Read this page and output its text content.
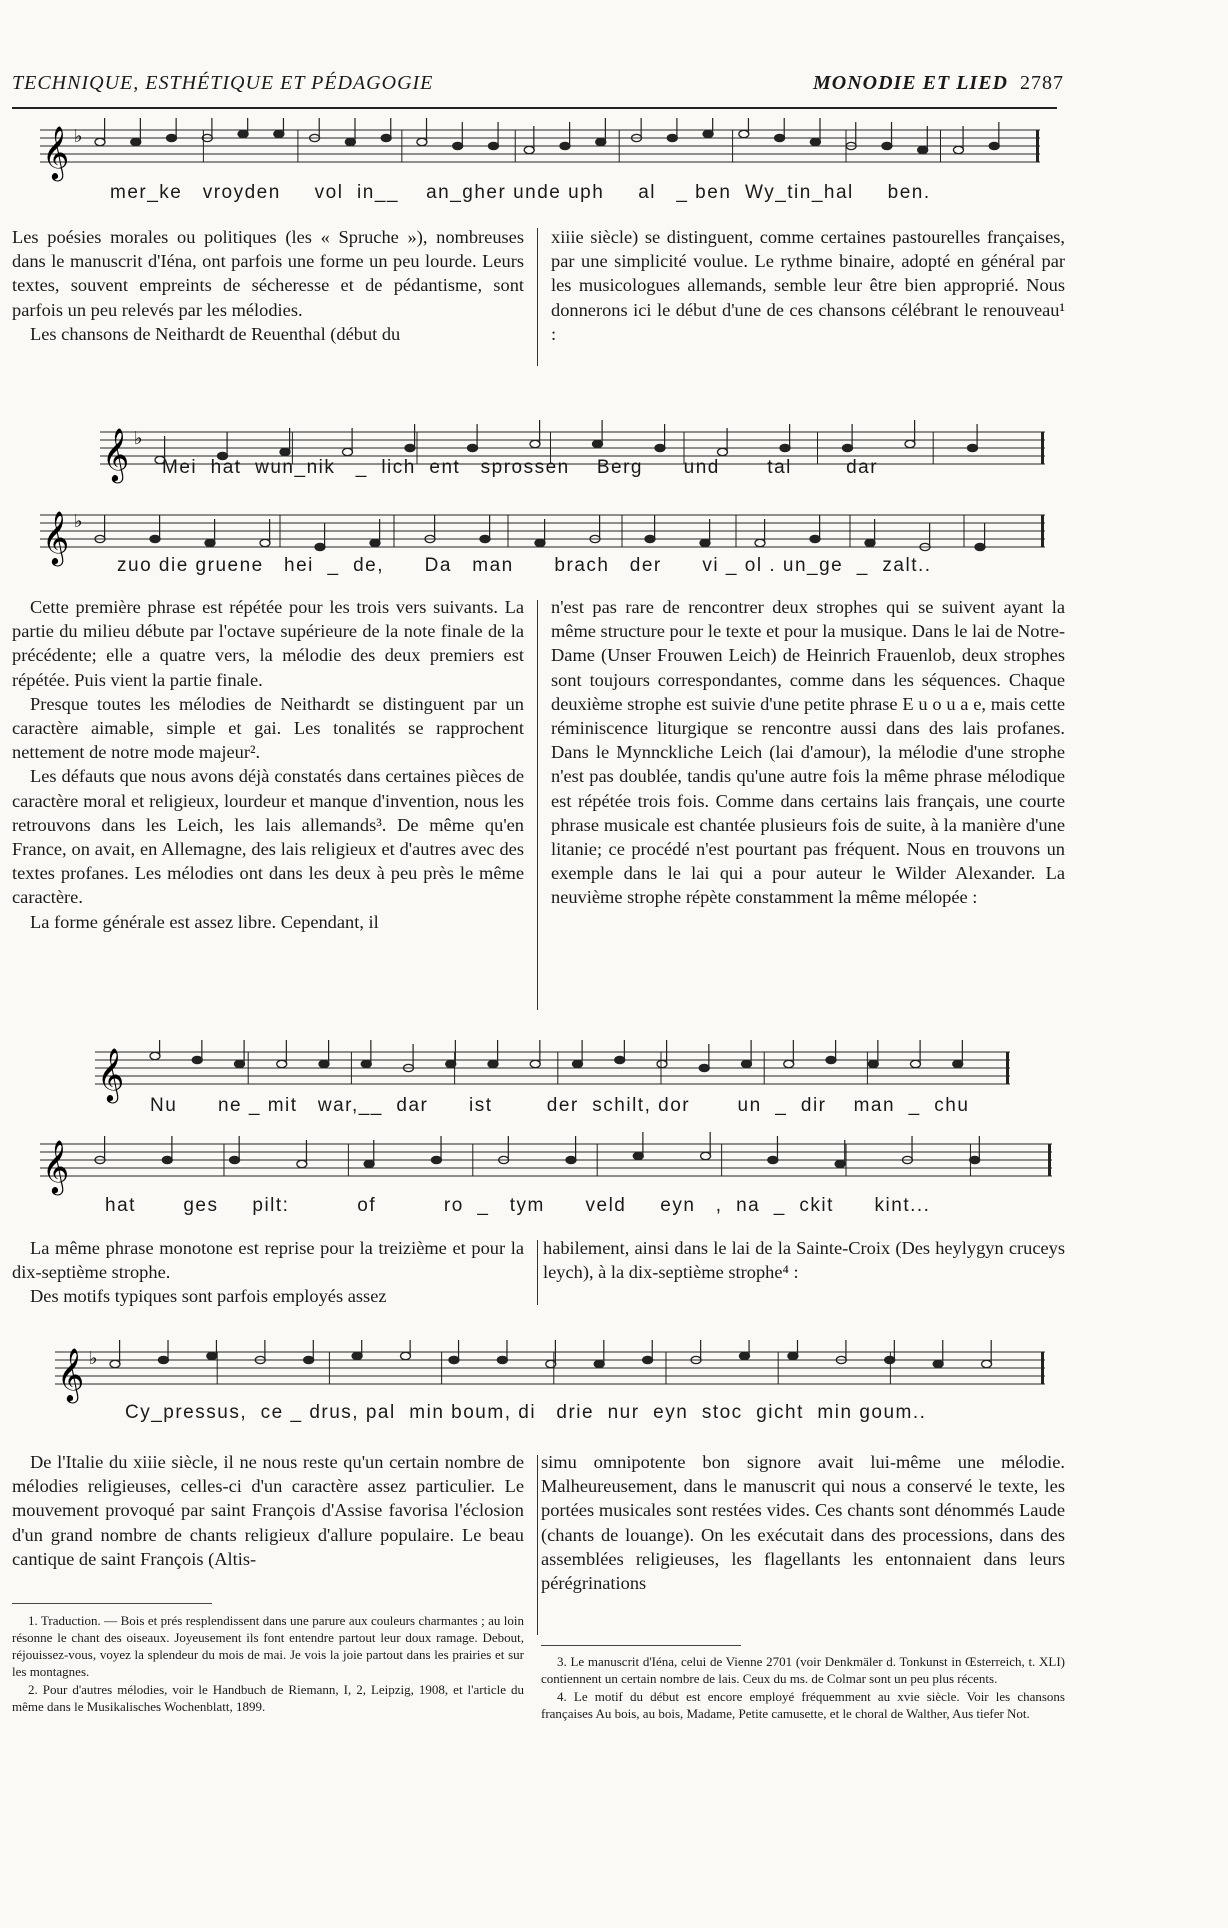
TECHNIQUE, ESTHÉTIQUE ET PÉDAGOGIE	MONODIE ET LIED 2787
𝄞 ♭
mer_ke   vroyden     vol  in__    an_gher unde uph     al   _ ben  Wy_tin_hal     ben.

Les poésies morales ou politiques (les « Spruche »), nombreuses dans le manuscrit d'Iéna, ont parfois une forme un peu lourde. Leurs textes, souvent empreints de sécheresse et de pédantisme, sont parfois un peu relevés par les mélodies.

Les chansons de Neithardt de Reuenthal (début du

xiiie siècle) se distinguent, comme certaines pastourelles françaises, par une simplicité voulue. Le rythme binaire, adopté en général par les musicologues allemands, semble leur être bien approprié. Nous donnerons ici le début d'une de ces chansons célébrant le renouveau¹ :

𝄞 ♭
Mei  hat  wun_nik   _  lich  ent   sprossen    Berg      und       tal        dar
𝄞 ♭
zuo die gruene   hei  _  de,      Da   man      brach   der      vi _ ol . un_ge  _  zalt..

Cette première phrase est répétée pour les trois vers suivants. La partie du milieu débute par l'octave supérieure de la note finale de la précédente; elle a quatre vers, la mélodie des deux premiers est répétée. Puis vient la partie finale.

Presque toutes les mélodies de Neithardt se distinguent par un caractère aimable, simple et gai. Les tonalités se rapprochent nettement de notre mode majeur².

Les défauts que nous avons déjà constatés dans certaines pièces de caractère moral et religieux, lourdeur et manque d'invention, nous les retrouvons dans les Leich, les lais allemands³. De même qu'en France, on avait, en Allemagne, des lais religieux et d'autres avec des textes profanes. Les mélodies ont dans les deux à peu près le même caractère.

La forme générale est assez libre. Cependant, il

n'est pas rare de rencontrer deux strophes qui se suivent ayant la même structure pour le texte et pour la musique. Dans le lai de Notre-Dame (Unser Frouwen Leich) de Heinrich Frauenlob, deux strophes sont toujours correspondantes, comme dans les séquences. Chaque deuxième strophe est suivie d'une petite phrase E u o u a e, mais cette réminiscence liturgique se rencontre aussi dans des lais profanes. Dans le Mynnckliche Leich (lai d'amour), la mélodie d'une strophe n'est pas doublée, tandis qu'une autre fois la même phrase mélodique est répétée trois fois. Comme dans certains lais français, une courte phrase musicale est chantée plusieurs fois de suite, à la manière d'une litanie; ce procédé n'est pourtant pas fréquent. Nous en trouvons un exemple dans le lai qui a pour auteur le Wilder Alexander. La neuvième strophe répète constamment la même mélopée :

𝄞
Nu      ne _ mit   war,__  dar      ist        der  schilt, dor       un  _  dir    man  _  chu
𝄞
hat       ges     pilt:          of          ro  _   tym      veld     eyn   ,  na  _  ckit      kint...

La même phrase monotone est reprise pour la treizième et pour la dix-septième strophe.

Des motifs typiques sont parfois employés assez

habilement, ainsi dans le lai de la Sainte-Croix (Des heylygyn cruceys leych), à la dix-septième strophe⁴ :

𝄞 ♭
Cy_pressus,  ce _ drus, pal  min boum, di   drie  nur  eyn  stoc  gicht  min goum..

De l'Italie du xiiie siècle, il ne nous reste qu'un certain nombre de mélodies religieuses, celles-ci d'un caractère assez particulier. Le mouvement provoqué par saint François d'Assise favorisa l'éclosion d'un grand nombre de chants religieux d'allure populaire. Le beau cantique de saint François (Altis-

simu omnipotente bon signore avait lui-même une mélodie. Malheureusement, dans le manuscrit qui nous a conservé le texte, les portées musicales sont restées vides. Ces chants sont dénommés Laude (chants de louange). On les exécutait dans des processions, dans des assemblées religieuses, les flagellants les entonnaient dans leurs pérégrinations

1. Traduction. — Bois et prés resplendissent dans une parure aux couleurs charmantes ; au loin résonne le chant des oiseaux. Joyeusement ils font entendre partout leur doux ramage. Debout, réjouissez-vous, voyez la splendeur du mois de mai. Je vois la joie partout dans les prairies et sur les montagnes.

2. Pour d'autres mélodies, voir le Handbuch de Riemann, I, 2, Leipzig, 1908, et l'article du même dans le Musikalisches Wochenblatt, 1899.

3. Le manuscrit d'Iéna, celui de Vienne 2701 (voir Denkmäler d. Tonkunst in Œsterreich, t. XLI) contiennent un certain nombre de lais. Ceux du ms. de Colmar sont un peu plus récents.

4. Le motif du début est encore employé fréquemment au xvie siècle. Voir les chansons françaises Au bois, au bois, Madame, Petite camusette, et le choral de Walther, Aus tiefer Not.
